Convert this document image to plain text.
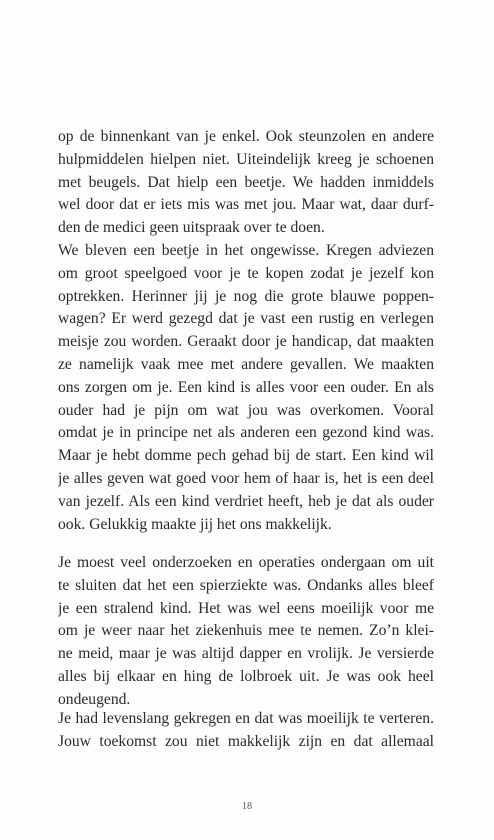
op de binnenkant van je enkel. Ook steunzolen en andere
hulpmiddelen hielpen niet. Uiteindelijk kreeg je schoenen
met beugels. Dat hielp een beetje. We hadden inmiddels
wel door dat er iets mis was met jou. Maar wat, daar durf-
den de medici geen uitspraak over te doen.
We bleven een beetje in het ongewisse. Kregen adviezen
om groot speelgoed voor je te kopen zodat je jezelf kon
optrekken. Herinner jij je nog die grote blauwe poppen-
wagen? Er werd gezegd dat je vast een rustig en verlegen
meisje zou worden. Geraakt door je handicap, dat maakten
ze namelijk vaak mee met andere gevallen. We maakten
ons zorgen om je. Een kind is alles voor een ouder. En als
ouder had je pijn om wat jou was overkomen. Vooral
omdat je in principe net als anderen een gezond kind was.
Maar je hebt domme pech gehad bij de start. Een kind wil
je alles geven wat goed voor hem of haar is, het is een deel
van jezelf. Als een kind verdriet heeft, heb je dat als ouder
ook. Gelukkig maakte jij het ons makkelijk.
Je moest veel onderzoeken en operaties ondergaan om uit
te sluiten dat het een spierziekte was. Ondanks alles bleef
je een stralend kind. Het was wel eens moeilijk voor me
om je weer naar het ziekenhuis mee te nemen. Zo’n klei-
ne meid, maar je was altijd dapper en vrolijk. Je versierde
alles bij elkaar en hing de lolbroek uit. Je was ook heel
ondeugend.
Je had levenslang gekregen en dat was moeilijk te verteren.
Jouw toekomst zou niet makkelijk zijn en dat allemaal
18
